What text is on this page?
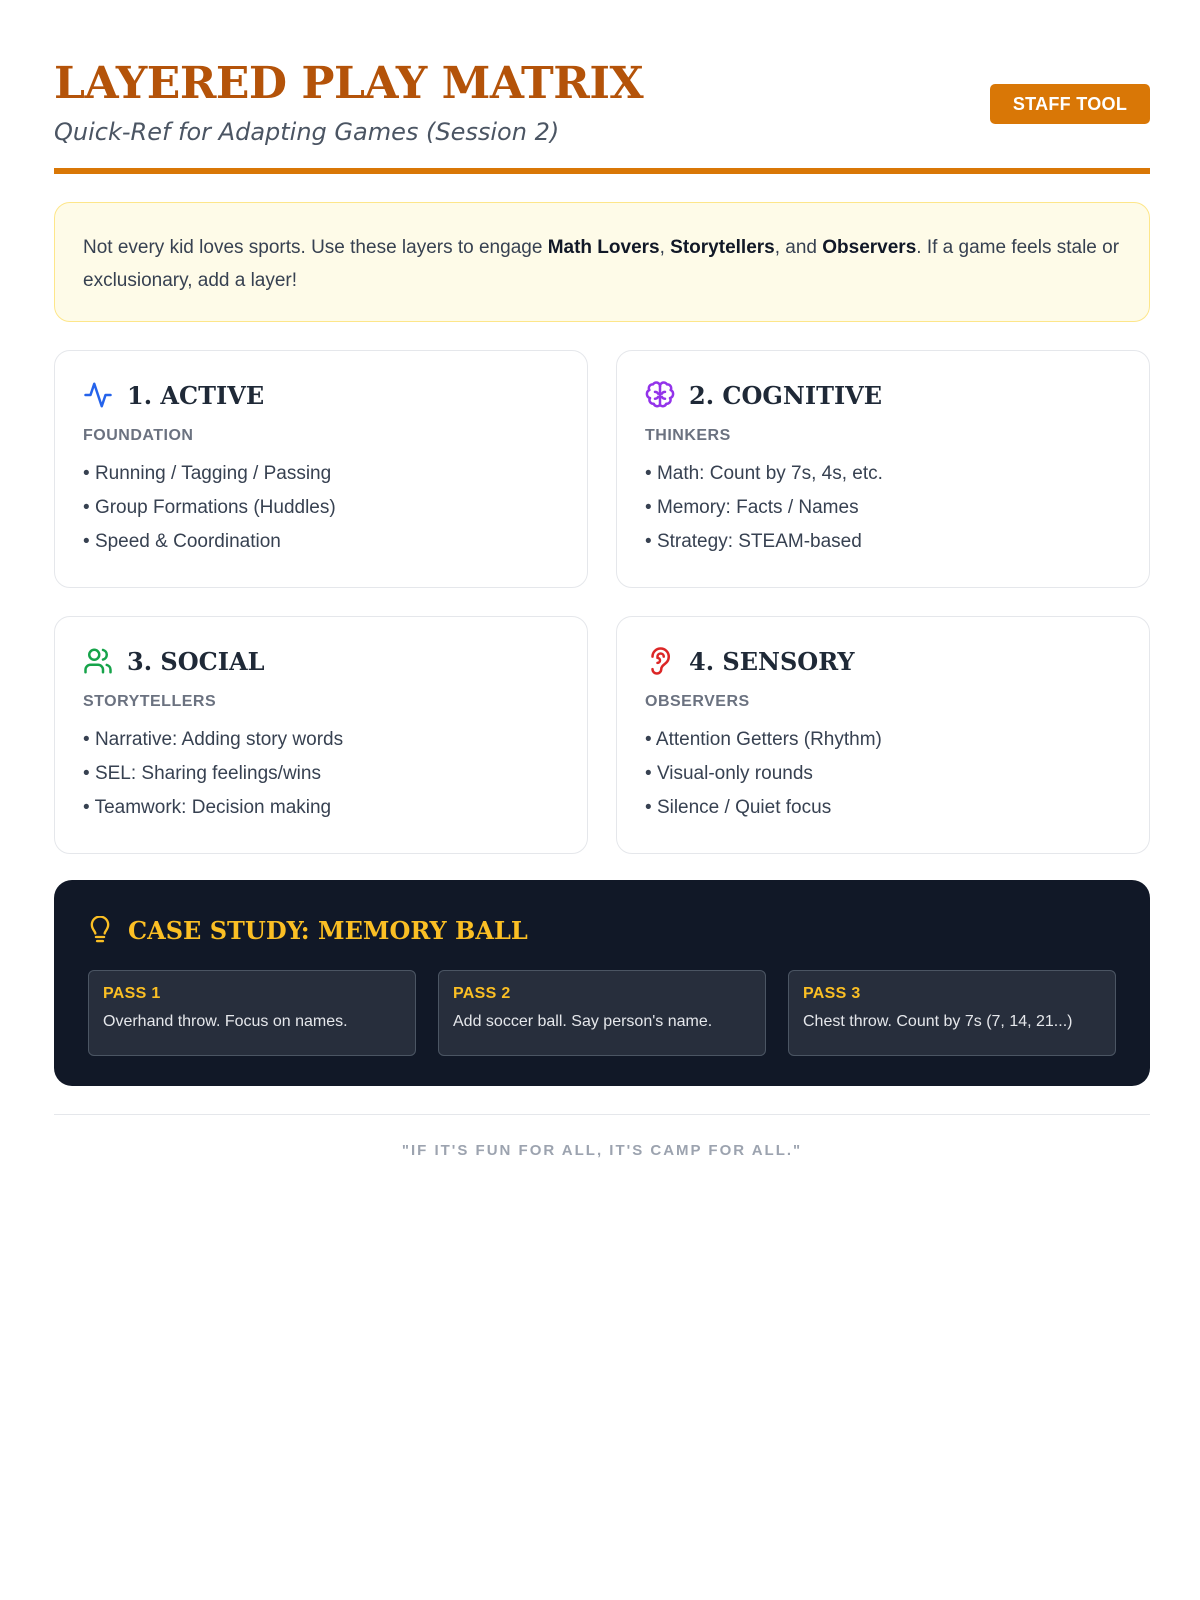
LAYERED PLAY MATRIX
Quick-Ref for Adapting Games (Session 2)
STAFF TOOL
Not every kid loves sports. Use these layers to engage Math Lovers, Storytellers, and Observers. If a game feels stale or exclusionary, add a layer!
1. ACTIVE
FOUNDATION
• Running / Tagging / Passing
• Group Formations (Huddles)
• Speed & Coordination
2. COGNITIVE
THINKERS
• Math: Count by 7s, 4s, etc.
• Memory: Facts / Names
• Strategy: STEAM-based
3. SOCIAL
STORYTELLERS
• Narrative: Adding story words
• SEL: Sharing feelings/wins
• Teamwork: Decision making
4. SENSORY
OBSERVERS
• Attention Getters (Rhythm)
• Visual-only rounds
• Silence / Quiet focus
CASE STUDY: MEMORY BALL
PASS 1
Overhand throw. Focus on names.
PASS 2
Add soccer ball. Say person's name.
PASS 3
Chest throw. Count by 7s (7, 14, 21...)
"IF IT'S FUN FOR ALL, IT'S CAMP FOR ALL."
